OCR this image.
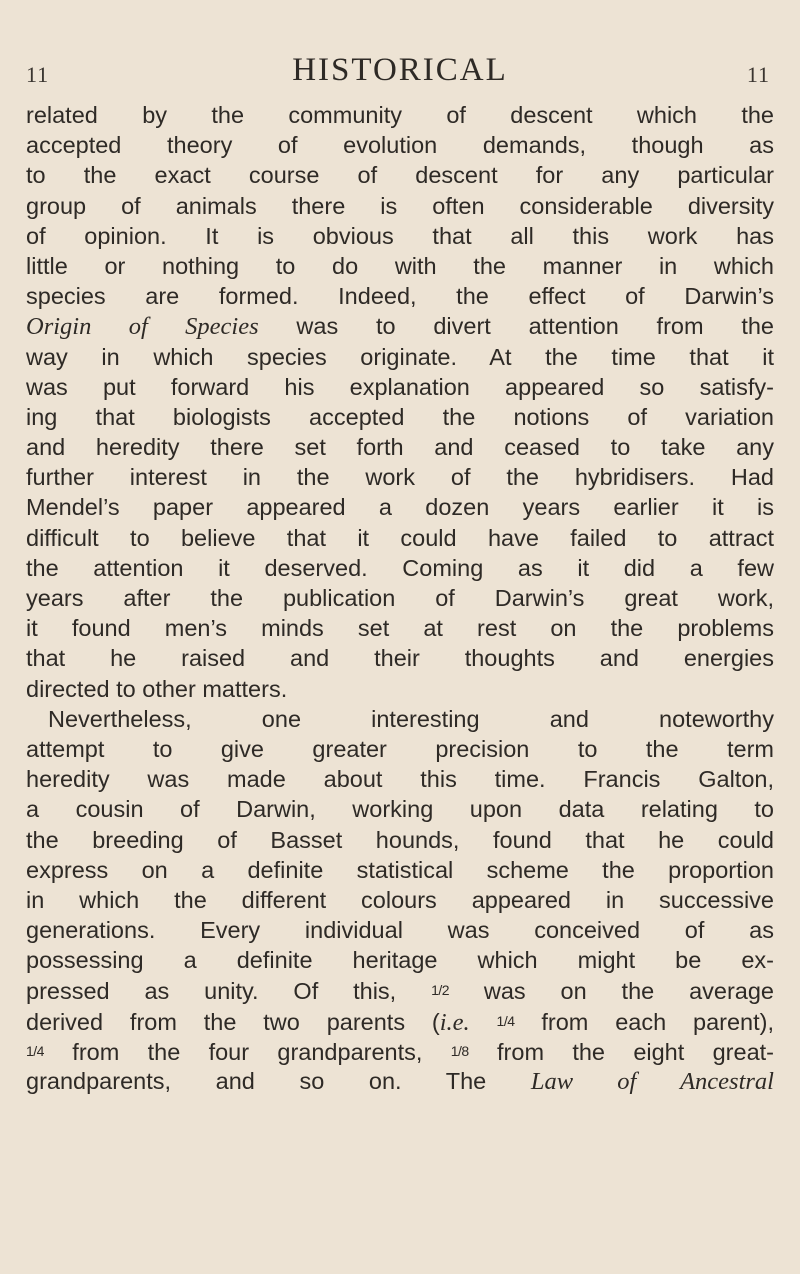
11	HISTORICAL	11
related by the community of descent which the
accepted theory of evolution demands, though as
to the exact course of descent for any particular
group of animals there is often considerable diversity
of opinion. It is obvious that all this work has
little or nothing to do with the manner in which
species are formed. Indeed, the effect of Darwin’s
Origin of Species was to divert attention from the
way in which species originate. At the time that it
was put forward his explanation appeared so satisfy-
ing that biologists accepted the notions of variation
and heredity there set forth and ceased to take any
further interest in the work of the hybridisers. Had
Mendel’s paper appeared a dozen years earlier it is
difficult to believe that it could have failed to attract
the attention it deserved. Coming as it did a few
years after the publication of Darwin’s great work,
it found men’s minds set at rest on the problems
that he raised and their thoughts and energies
directed to other matters.
Nevertheless, one interesting and noteworthy
attempt to give greater precision to the term
heredity was made about this time. Francis Galton,
a cousin of Darwin, working upon data relating to
the breeding of Basset hounds, found that he could
express on a definite statistical scheme the proportion
in which the different colours appeared in successive
generations. Every individual was conceived of as
possessing a definite heritage which might be ex-
pressed as unity. Of this, 1/2 was on the average
derived from the two parents (i.e. 1/4 from each parent),
1/4 from the four grandparents, 1/8 from the eight great-
grandparents, and so on. The Law of Ancestral
